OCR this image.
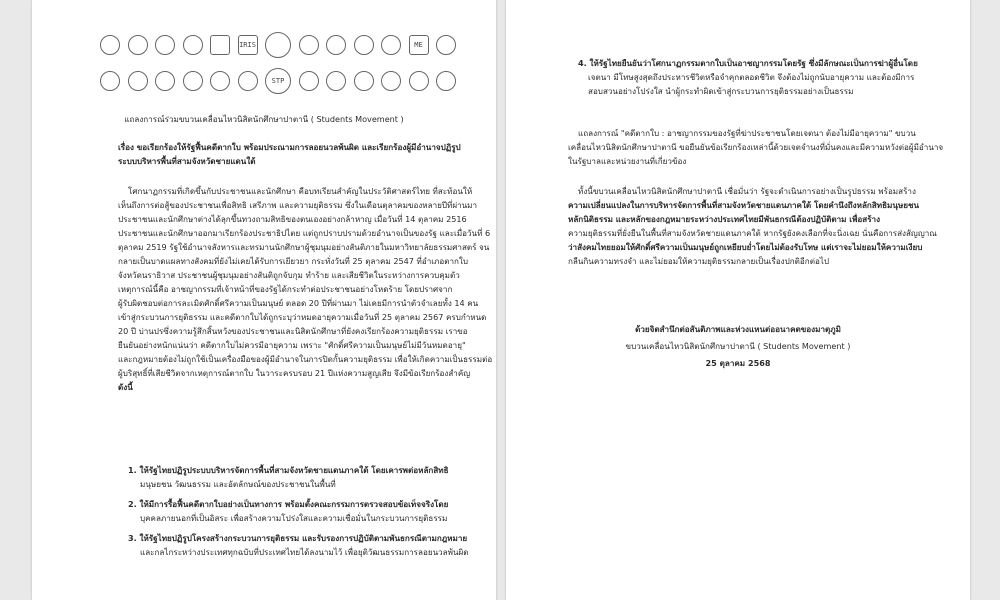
IRIS	ME
STP
แถลงการณ์ร่วมขบวนเคลื่อนไหวนิสิตนักศึกษาปาตานี ( Students Movement )
เรื่อง ขอเรียกร้องให้รัฐฟื้นคดีตากใบ พร้อมประณามการลอยนวลพ้นผิด และเรียกร้องผู้มีอำนาจปฏิรูป
ระบบบริหารพื้นที่สามจังหวัดชายแดนใต้
โศกนาฏกรรมที่เกิดขึ้นกับประชาชนและนักศึกษา คือบทเรียนสำคัญในประวัติศาสตร์ไทย ที่สะท้อนให้
เห็นถึงการต่อสู้ของประชาชนเพื่อสิทธิ เสรีภาพ และความยุติธรรม ซึ่งในเดือนตุลาคมของหลายปีที่ผ่านมา
ประชาชนและนักศึกษาต่างได้ลุกขึ้นทวงถามสิทธิของตนเองอย่างกล้าหาญ เมื่อวันที่ 14 ตุลาคม 2516
ประชาชนและนักศึกษาออกมาเรียกร้องประชาธิปไตย แต่ถูกปราบปรามด้วยอำนาจเป็นของรัฐ และเมื่อวันที่ 6
ตุลาคม 2519 รัฐใช้อำนาจสังหารและทรมานนักศึกษาผู้ชุมนุมอย่างสันติภายในมหาวิทยาลัยธรรมศาสตร์ จน
กลายเป็นบาดแผลทางสังคมที่ยังไม่เคยได้รับการเยียวยา กระทั่งวันที่ 25 ตุลาคม 2547 ที่อำเภอตากใบ
จังหวัดนราธิวาส ประชาชนผู้ชุมนุมอย่างสันติถูกจับกุม ทำร้าย และเสียชีวิตในระหว่างการควบคุมตัว
เหตุการณ์นี้คือ อาชญากรรมที่เจ้าหน้าที่ของรัฐได้กระทำต่อประชาชนอย่างโหดร้าย โดยปราศจาก
ผู้รับผิดชอบต่อการละเมิดศักดิ์ศรีความเป็นมนุษย์ ตลอด 20 ปีที่ผ่านมา ไม่เคยมีการนำตัวจำเลยทั้ง 14 คน
เข้าสู่กระบวนการยุติธรรม และคดีตากใบได้ถูกระบุว่าหมดอายุความเมื่อวันที่ 25 ตุลาคม 2567 ครบกำหนด
20 ปี บ่านปรซึ่งความรู้สึกสิ้นหวังของประชาชนและนิสิตนักศึกษาที่ยังคงเรียกร้องความยุติธรรม เราขอ
ยืนยันอย่างหนักแน่นว่า คดีตากใบไม่ควรมีอายุความ เพราะ "ศักดิ์ศรีความเป็นมนุษย์ไม่มีวันหมดอายุ"
และกฎหมายต้องไม่ถูกใช้เป็นเครื่องมือของผู้มีอำนาจในการปิดกั้นความยุติธรรม เพื่อให้เกิดความเป็นธรรมต่อ
ผู้บริสุทธิ์ที่เสียชีวิตจากเหตุการณ์ตากใบ ในวาระครบรอบ 21 ปีแห่งความสูญเสีย จึงมีข้อเรียกร้องสำคัญ
ดังนี้
1. ให้รัฐไทยปฏิรูประบบบริหารจัดการพื้นที่สามจังหวัดชายแดนภาคใต้ โดยเคารพต่อหลักสิทธิ
มนุษยชน วัฒนธรรม และอัตลักษณ์ของประชาชนในพื้นที่
2. ให้มีการรื้อฟื้นคดีตากใบอย่างเป็นทางการ พร้อมตั้งคณะกรรมการตรวจสอบข้อเท็จจริงโดย
บุคคลภายนอกที่เป็นอิสระ เพื่อสร้างความโปร่งใสและความเชื่อมั่นในกระบวนการยุติธรรม
3. ให้รัฐไทยปฏิรูปโครงสร้างกระบวนการยุติธรรม และรับรองการปฏิบัติตามพันธกรณีตามกฎหมาย
และกลไกระหว่างประเทศทุกฉบับที่ประเทศไทยได้ลงนามไว้ เพื่อยุติวัฒนธรรมการลอยนวลพ้นผิด
4. ให้รัฐไทยยืนยันว่าโศกนาฏกรรมตากใบเป็นอาชญากรรมโดยรัฐ ซึ่งมีลักษณะเป็นการฆ่าผู้อื่นโดย
เจตนา มีโทษสูงสุดถึงประหารชีวิตหรือจำคุกตลอดชีวิต จึงต้องไม่ถูกนับอายุความ และต้องมีการ
สอบสวนอย่างโปร่งใส นำผู้กระทำผิดเข้าสู่กระบวนการยุติธรรมอย่างเป็นธรรม
แถลงการณ์ "คดีตากใบ : อาชญากรรมของรัฐที่ฆ่าประชาชนโดยเจตนา ต้องไม่มีอายุความ" ขบวน
เคลื่อนไหวนิสิตนักศึกษาปาตานี ขอยืนยันข้อเรียกร้องเหล่านี้ด้วยเจตจำนงที่มั่นคงและมีความหวังต่อผู้มีอำนาจ
ในรัฐบาลและหน่วยงานที่เกี่ยวข้อง
ทั้งนี้ขบวนเคลื่อนไหวนิสิตนักศึกษาปาตานี เชื่อมั่นว่า รัฐจะดำเนินการอย่างเป็นรูปธรรม พร้อมสร้าง
ความเปลี่ยนแปลงในการบริหารจัดการพื้นที่สามจังหวัดชายแดนภาคใต้ โดยคำนึงถึงหลักสิทธิมนุษยชน
หลักนิติธรรม และหลักของกฎหมายระหว่างประเทศไทยมีพันธกรณีต้องปฏิบัติตาม เพื่อสร้าง
ความยุติธรรมที่ยั่งยืนในพื้นที่สามจังหวัดชายแดนภาคใต้ หากรัฐยังคงเลือกที่จะนิ่งเฉย นั่นคือการส่งสัญญาณ
ว่าสังคมไทยยอมให้ศักดิ์ศรีความเป็นมนุษย์ถูกเหยียบย่ำโดยไม่ต้องรับโทษ แต่เราจะไม่ยอมให้ความเงียบ
กลืนกินความทรงจำ และไม่ยอมให้ความยุติธรรมกลายเป็นเรื่องปกติอีกต่อไป
ด้วยจิตสำนึกต่อสันติภาพและห่วงแหนต่ออนาคตของมาตุภูมิ
ขบวนเคลื่อนไหวนิสิตนักศึกษาปาตานี ( Students Movement )
25 ตุลาคม 2568
